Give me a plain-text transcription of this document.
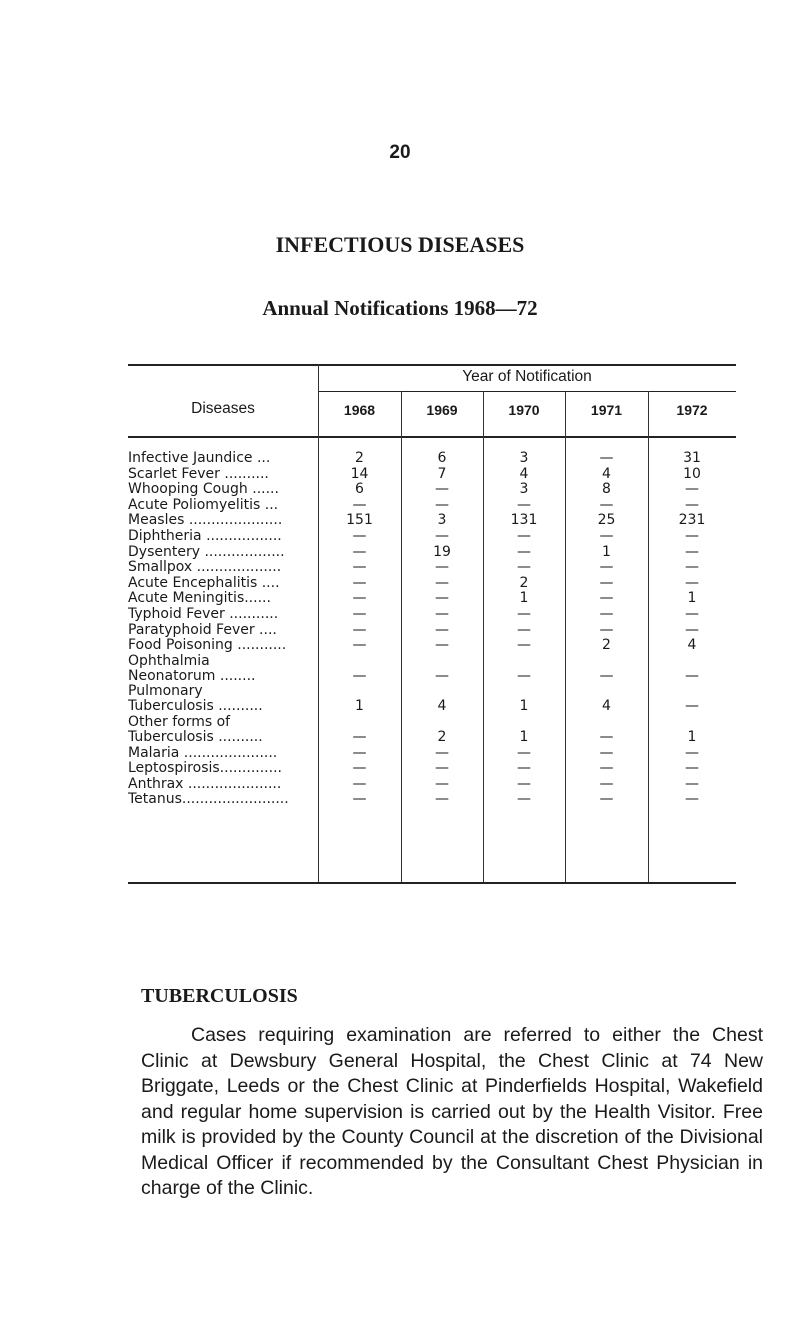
20
INFECTIOUS DISEASES
Annual Notifications 1968—72
Diseases
Year of Notification
1968	1969	1970	1971	1972
Infective Jaundice ...	2	6	3	—	31
Scarlet Fever ..........	14	7	4	4	10
Whooping Cough ......	6	—	3	8	—
Acute Poliomyelitis ...	—	—	—	—	—
Measles .....................	151	3	131	25	231
Diphtheria .................	—	—	—	—	—
Dysentery ..................	—	19	—	1	—
Smallpox ...................	—	—	—	—	—
Acute Encephalitis ....	—	—	2	—	—
Acute Meningitis......	—	—	1	—	1
Typhoid Fever ...........	—	—	—	—	—
Paratyphoid Fever ....	—	—	—	—	—
Food Poisoning ...........	—	—	—	2	4
Ophthalmia
Neonatorum ........	—	—	—	—	—
Pulmonary
Tuberculosis ..........	1	4	1	4	—
Other forms of
Tuberculosis ..........	—	2	1	—	1
Malaria .....................	—	—	—	—	—
Leptospirosis..............	—	—	—	—	—
Anthrax .....................	—	—	—	—	—
Tetanus........................	—	—	—	—	—
TUBERCULOSIS
Cases requiring examination are referred to either the Chest Clinic at Dewsbury General Hospital, the Chest Clinic at 74 New Briggate, Leeds or the Chest Clinic at Pinderfields Hospital, Wakefield and regular home supervision is carried out by the Health Visitor. Free milk is provided by the County Council at the discretion of the Divisional Medical Officer if recommended by the Consultant Chest Physician in charge of the Clinic.
